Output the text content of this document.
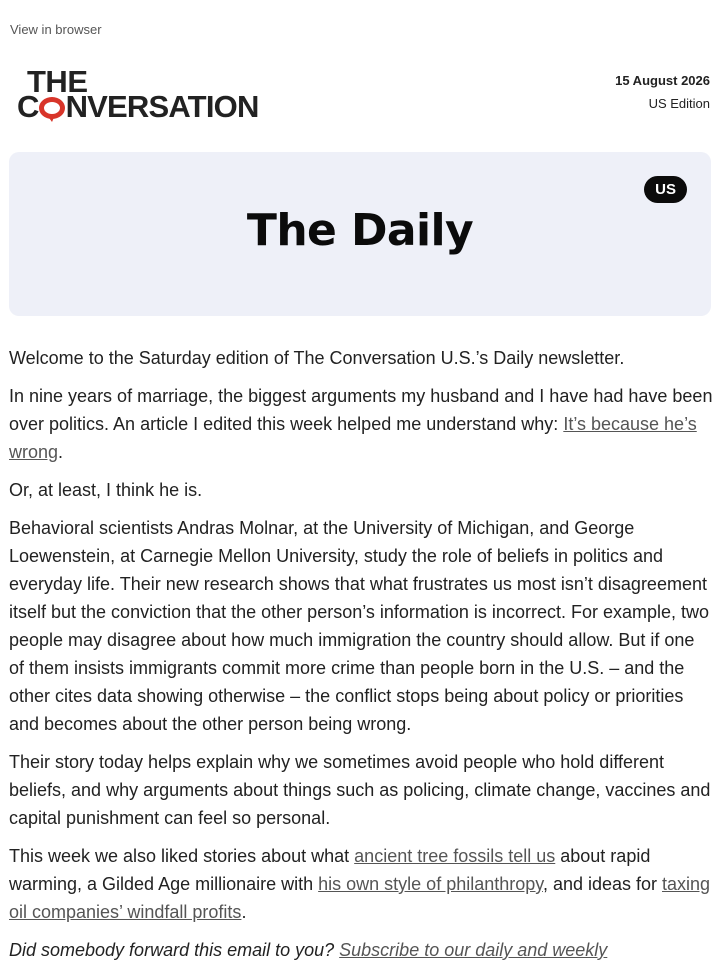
View in browser
THE
C NVERSATION
15 August 2026
US Edition
US
The Daily

Welcome to the Saturday edition of The Conversation U.S.’s Daily newsletter.

In nine years of marriage, the biggest arguments my husband and I have had have been over politics. An article I edited this week helped me understand why: It’s because he’s wrong.

Or, at least, I think he is.

Behavioral scientists Andras Molnar, at the University of Michigan, and George Loewenstein, at Carnegie Mellon University, study the role of beliefs in politics and everyday life. Their new research shows that what frustrates us most isn’t disagreement itself but the conviction that the other person’s information is incorrect. For example, two people may disagree about how much immigration the country should allow. But if one of them insists immigrants commit more crime than people born in the U.S. – and the other cites data showing otherwise – the conflict stops being about policy or priorities and becomes about the other person being wrong.

Their story today helps explain why we sometimes avoid people who hold different beliefs, and why arguments about things such as policing, climate change, vaccines and capital punishment can feel so personal.

This week we also liked stories about what ancient tree fossils tell us about rapid warming, a Gilded Age millionaire with his own style of philanthropy, and ideas for taxing oil companies’ windfall profits.

Did somebody forward this email to you? Subscribe to our daily and weekly
